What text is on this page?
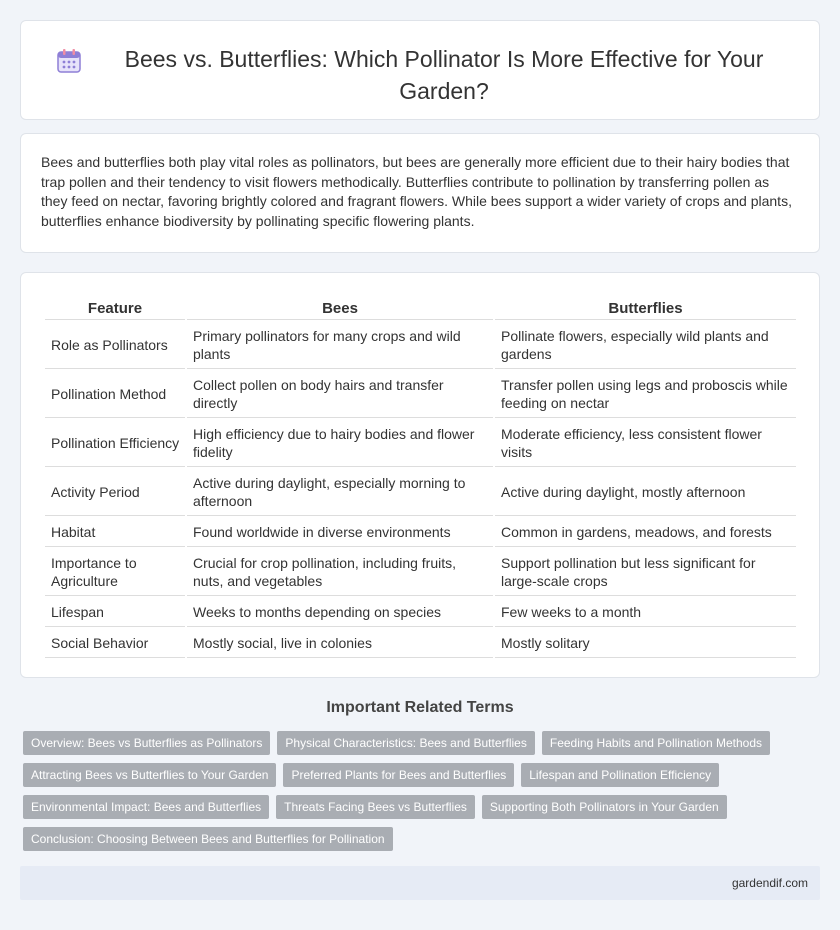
Bees vs. Butterflies: Which Pollinator Is More Effective for Your Garden?

Bees and butterflies both play vital roles as pollinators, but bees are generally more efficient due to their hairy bodies that trap pollen and their tendency to visit flowers methodically. Butterflies contribute to pollination by transferring pollen as they feed on nectar, favoring brightly colored and fragrant flowers. While bees support a wider variety of crops and plants, butterflies enhance biodiversity by pollinating specific flowering plants.

Feature	Bees	Butterflies
Role as Pollinators	Primary pollinators for many crops and wild plants	Pollinate flowers, especially wild plants and gardens
Pollination Method	Collect pollen on body hairs and transfer directly	Transfer pollen using legs and proboscis while feeding on nectar
Pollination Efficiency	High efficiency due to hairy bodies and flower fidelity	Moderate efficiency, less consistent flower visits
Activity Period	Active during daylight, especially morning to afternoon	Active during daylight, mostly afternoon
Habitat	Found worldwide in diverse environments	Common in gardens, meadows, and forests
Importance to Agriculture	Crucial for crop pollination, including fruits, nuts, and vegetables	Support pollination but less significant for large-scale crops
Lifespan	Weeks to months depending on species	Few weeks to a month
Social Behavior	Mostly social, live in colonies	Mostly solitary
Important Related Terms
Overview: Bees vs Butterflies as Pollinators	Physical Characteristics: Bees and Butterflies	Feeding Habits and Pollination Methods
Attracting Bees vs Butterflies to Your Garden	Preferred Plants for Bees and Butterflies	Lifespan and Pollination Efficiency
Environmental Impact: Bees and Butterflies	Threats Facing Bees vs Butterflies	Supporting Both Pollinators in Your Garden
Conclusion: Choosing Between Bees and Butterflies for Pollination
gardendif.com
